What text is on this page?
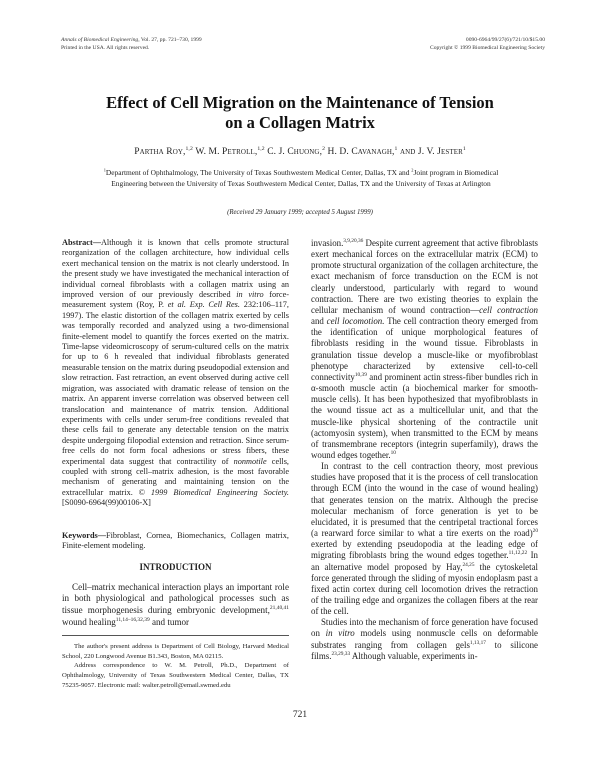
Annals of Biomedical Engineering, Vol. 27, pp. 721–730, 1999
Printed in the USA. All rights reserved.
0090-6964/99/27(6)/721/10/$15.00
Copyright © 1999 Biomedical Engineering Society
Effect of Cell Migration on the Maintenance of Tension
on a Collagen Matrix
Partha Roy,$^{1,2}$ W. M. Petroll,$^{1,2}$ C. J. Chuong,$^2$ H. D. Cavanagh,$^1$ and J. V. Jester$^1$
$^1$Department of Ophthalmology, The University of Texas Southwestern Medical Center, Dallas, TX and $^2$Joint program in Biomedical Engineering between the University of Texas Southwestern Medical Center, Dallas, TX and the University of Texas at Arlington
(Received 29 January 1999; accepted 5 August 1999)

Abstract—Although it is known that cells promote structural reorganization of the collagen architecture, how individual cells exert mechanical tension on the matrix is not clearly understood. In the present study we have investigated the mechanical interaction of individual corneal fibroblasts with a collagen matrix using an improved version of our previously described in vitro force-measurement system (Roy, P. et al. Exp. Cell Res. 232:106–117, 1997). The elastic distortion of the collagen matrix exerted by cells was temporally recorded and analyzed using a two-dimensional finite-element model to quantify the forces exerted on the matrix. Time-lapse videomicroscopy of serum-cultured cells on the matrix for up to 6 h revealed that individual fibroblasts generated measurable tension on the matrix during pseudopodial extension and slow retraction. Fast retraction, an event observed during active cell migration, was associated with dramatic release of tension on the matrix. An apparent inverse correlation was observed between cell translocation and maintenance of matrix tension. Additional experiments with cells under serum-free conditions revealed that these cells fail to generate any detectable tension on the matrix despite undergoing filopodial extension and retraction. Since serum-free cells do not form focal adhesions or stress fibers, these experimental data suggest that contractility of nonmotile cells, coupled with strong cell–matrix adhesion, is the most favorable mechanism of generating and maintaining tension on the extracellular matrix. © 1999 Biomedical Engineering Society. [S0090-6964(99)00106-X]

Keywords—Fibroblast, Cornea, Biomechanics, Collagen matrix, Finite-element modeling.

INTRODUCTION

Cell–matrix mechanical interaction plays an important role in both physiological and pathological processes such as tissue morphogenesis during embryonic development,$^{21,40,41}$ wound healing$^{11,14-16,32,39}$ and tumor

The author's present address is Department of Cell Biology, Harvard Medical School, 220 Longwood Avenue B1.343, Boston, MA 02115.

Address correspondence to W. M. Petroll, Ph.D., Department of Ophthalmology, University of Texas Southwestern Medical Center, Dallas, TX 75235-9057. Electronic mail: walter.petroll@email.swmed.edu

invasion.$^{3,9,20,36}$ Despite current agreement that active fibroblasts exert mechanical forces on the extracellular matrix (ECM) to promote structural organization of the collagen architecture, the exact mechanism of force transduction on the ECM is not clearly understood, particularly with regard to wound contraction. There are two existing theories to explain the cellular mechanism of wound contraction—cell contraction and cell locomotion. The cell contraction theory emerged from the identification of unique morphological features of fibroblasts residing in the wound tissue. Fibroblasts in granulation tissue develop a muscle-like or myofibroblast phenotype characterized by extensive cell-to-cell connectivity$^{10,39}$ and prominent actin stress-fiber bundles rich in α-smooth muscle actin (a biochemical marker for smooth-muscle cells). It has been hypothesized that myofibroblasts in the wound tissue act as a multicellular unit, and that the muscle-like physical shortening of the contractile unit (actomyosin system), when transmitted to the ECM by means of transmembrane receptors (integrin superfamily), draws the wound edges together.$^{10}$

In contrast to the cell contraction theory, most previous studies have proposed that it is the process of cell translocation through ECM (into the wound in the case of wound healing) that generates tension on the matrix. Although the precise molecular mechanism of force generation is yet to be elucidated, it is presumed that the centripetal tractional forces (a rearward force similar to what a tire exerts on the road)$^{20}$ exerted by extending pseudopodia at the leading edge of migrating fibroblasts bring the wound edges together.$^{11,12,22}$ In an alternative model proposed by Hay,$^{24,25}$ the cytoskeletal force generated through the sliding of myosin endoplasm past a fixed actin cortex during cell locomotion drives the retraction of the trailing edge and organizes the collagen fibers at the rear of the cell.

Studies into the mechanism of force generation have focused on in vitro models using nonmuscle cells on deformable substrates ranging from collagen gels$^{1,13,17}$ to silicone films.$^{23,29,33}$ Although valuable, experiments in-

721
